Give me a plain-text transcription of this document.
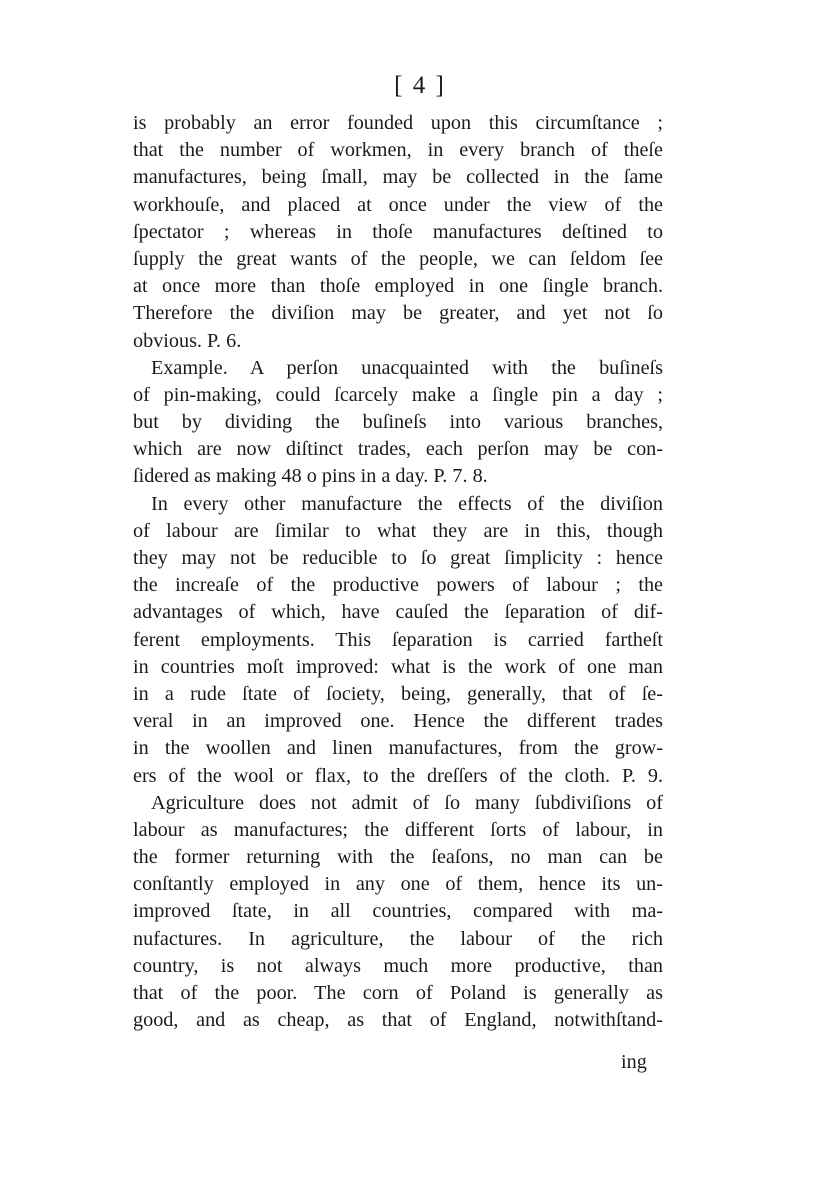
[ 4 ]
is probably an error founded upon this circumſtance ;
that the number of workmen, in every branch of theſe
manufactures, being ſmall, may be collected in the ſame
workhouſe, and placed at once under the view of the
ſpectator ; whereas in thoſe manufactures deſtined to
ſupply the great wants of the people, we can ſeldom ſee
at once more than thoſe employed in one ſingle branch.
Therefore the diviſion may be greater, and yet not ſo
obvious. P. 6.
Example. A perſon unacquainted with the buſineſs
of pin-making, could ſcarcely make a ſingle pin a day ;
but by dividing the buſineſs into various branches,
which are now diſtinct trades, each perſon may be con-
ſidered as making 48 o pins in a day. P. 7. 8.
In every other manufacture the effects of the diviſion
of labour are ſimilar to what they are in this, though
they may not be reducible to ſo great ſimplicity : hence
the increaſe of the productive powers of labour ; the
advantages of which, have cauſed the ſeparation of dif-
ferent employments. This ſeparation is carried fartheſt
in countries moſt improved: what is the work of one man
in a rude ſtate of ſociety, being, generally, that of ſe-
veral in an improved one. Hence the different trades
in the woollen and linen manufactures, from the grow-
ers of the wool or flax, to the dreſſers of the cloth. P. 9.
Agriculture does not admit of ſo many ſubdiviſions of
labour as manufactures; the different ſorts of labour, in
the former returning with the ſeaſons, no man can be
conſtantly employed in any one of them, hence its un-
improved ſtate, in all countries, compared with ma-
nufactures. In agriculture, the labour of the rich
country, is not always much more productive, than
that of the poor. The corn of Poland is generally as
good, and as cheap, as that of England, notwithſtand-
ing
